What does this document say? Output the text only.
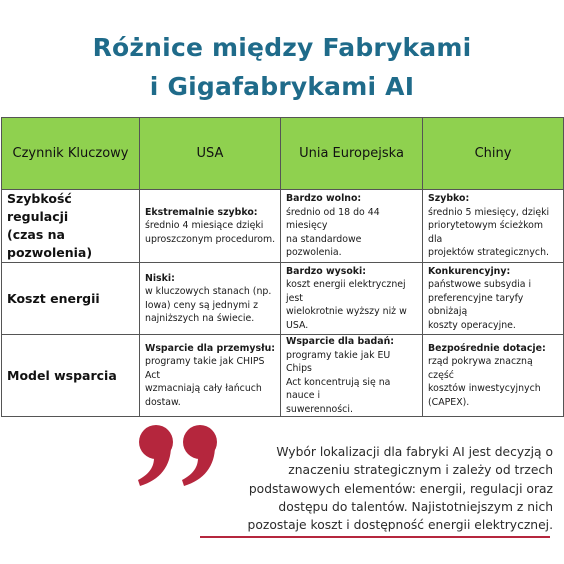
Różnice między Fabrykami
i Gigafabrykami AI
Czynnik Kluczowy	USA	Unia Europejska	Chiny

Szybkość regulacji
(czas na pozwolenia)	Ekstremalnie szybko:
średnio 4 miesiące dzięki
uproszczonym procedurom.	Bardzo wolno:
średnio od 18 do 44 miesięcy
na standardowe pozwolenia.	Szybko:
średnio 5 miesięcy, dzięki
priorytetowym ścieżkom dla
projektów strategicznych.

Koszt energii	Niski:
w kluczowych stanach (np.
Iowa) ceny są jednymi z
najniższych na świecie.	Bardzo wysoki:
koszt energii elektrycznej jest
wielokrotnie wyższy niż w
USA.	Konkurencyjny:
państwowe subsydia i
preferencyjne taryfy obniżają
koszty operacyjne.

Model wsparcia	Wsparcie dla przemysłu:
programy takie jak CHIPS Act
wzmacniają cały łańcuch
dostaw.	Wsparcie dla badań:
programy takie jak EU Chips
Act koncentrują się na nauce i
suwerenności.	Bezpośrednie dotacje:
rząd pokrywa znaczną część
kosztów inwestycyjnych
(CAPEX).
Wybór lokalizacji dla fabryki AI jest decyzją o
znaczeniu strategicznym i zależy od trzech
podstawowych elementów: energii, regulacji oraz
dostępu do talentów. Najistotniejszym z nich
pozostaje koszt i dostępność energii elektrycznej.
